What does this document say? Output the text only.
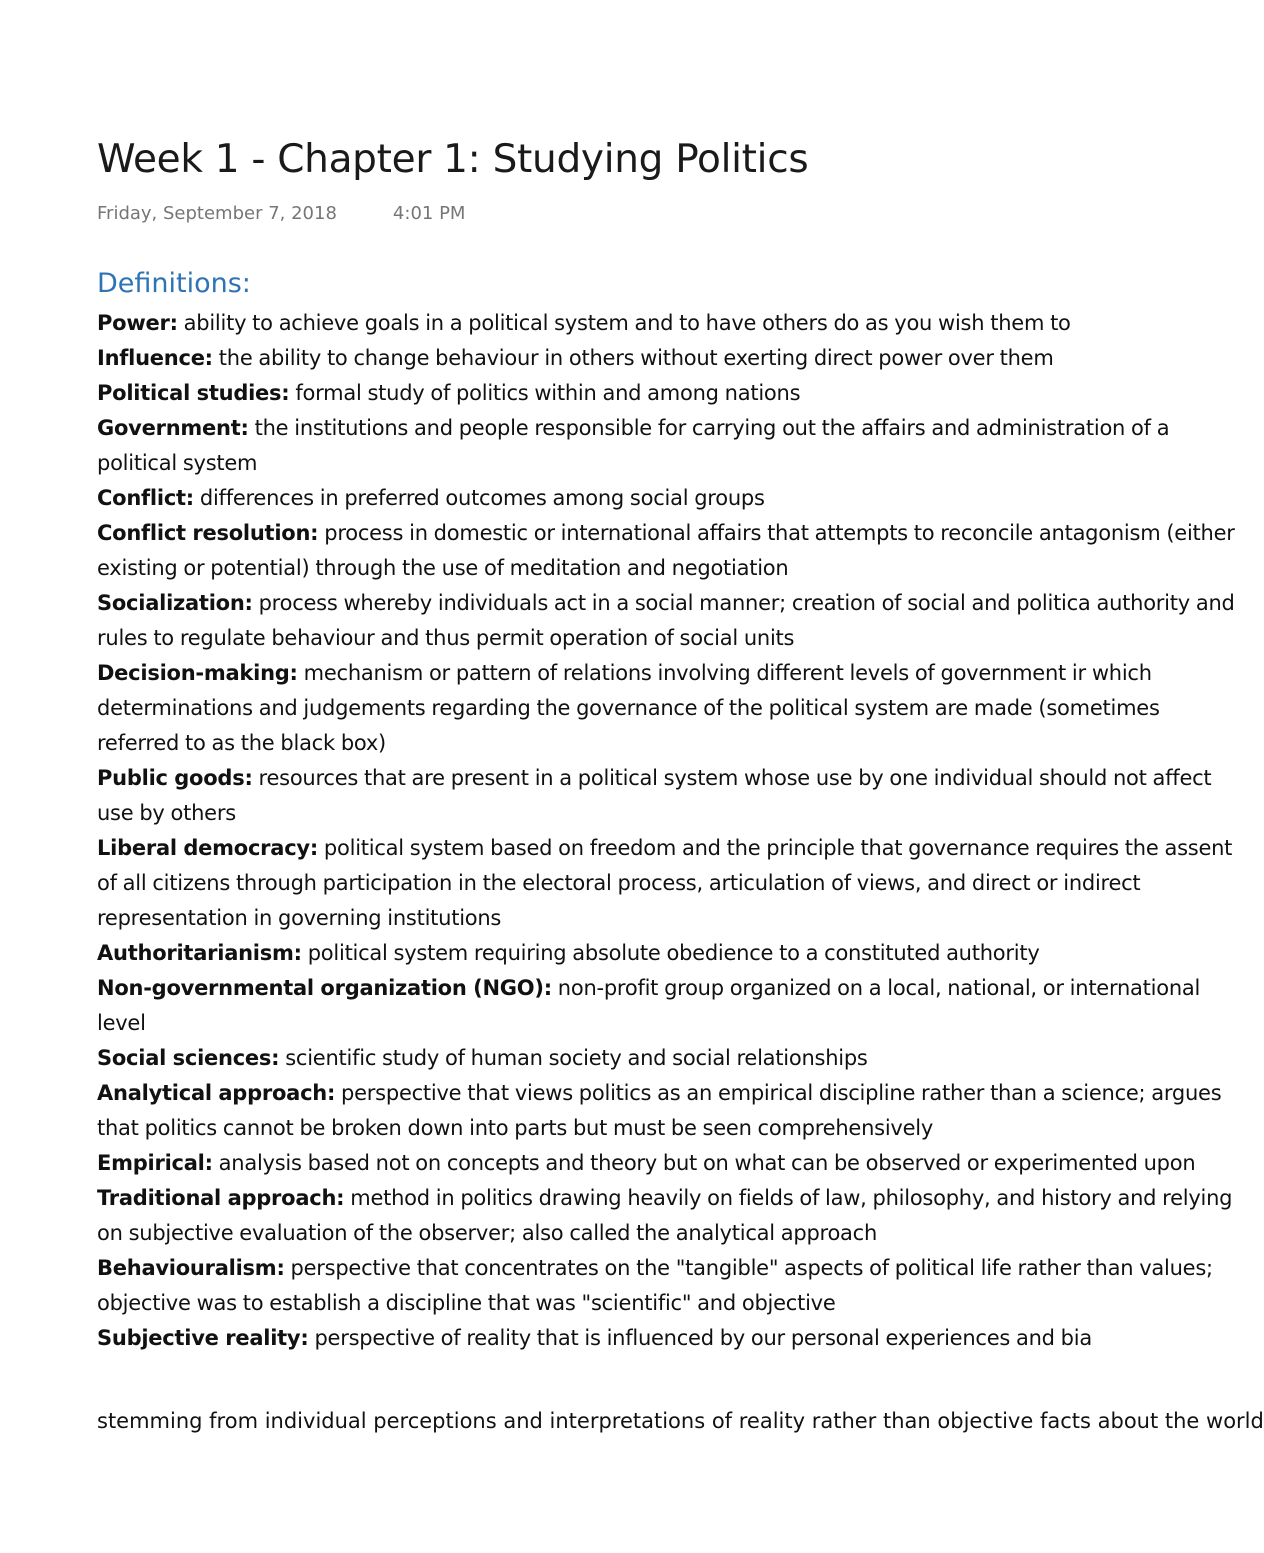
Week 1 - Chapter 1: Studying Politics
Friday, September 7, 2018	4:01 PM
Definitions:
Power: ability to achieve goals in a political system and to have others do as you wish them to
Influence: the ability to change behaviour in others without exerting direct power over them
Political studies: formal study of politics within and among nations
Government: the institutions and people responsible for carrying out the affairs and administration of a political system
Conflict: differences in preferred outcomes among social groups
Conflict resolution: process in domestic or international affairs that attempts to reconcile antagonism (either existing or potential) through the use of meditation and negotiation
Socialization: process whereby individuals act in a social manner; creation of social and politica authority and rules to regulate behaviour and thus permit operation of social units
Decision-making: mechanism or pattern of relations involving different levels of government ir which determinations and judgements regarding the governance of the political system are made (sometimes referred to as the black box)
Public goods: resources that are present in a political system whose use by one individual should not affect use by others
Liberal democracy: political system based on freedom and the principle that governance requires the assent of all citizens through participation in the electoral process, articulation of views, and direct or indirect representation in governing institutions
Authoritarianism: political system requiring absolute obedience to a constituted authority
Non-governmental organization (NGO): non-profit group organized on a local, national, or international level
Social sciences: scientific study of human society and social relationships
Analytical approach: perspective that views politics as an empirical discipline rather than a science; argues that politics cannot be broken down into parts but must be seen comprehensively
Empirical: analysis based not on concepts and theory but on what can be observed or experimented upon
Traditional approach: method in politics drawing heavily on fields of law, philosophy, and history and relying on subjective evaluation of the observer; also called the analytical approach
Behaviouralism: perspective that concentrates on the "tangible" aspects of political life rather than values; objective was to establish a discipline that was "scientific" and objective
Subjective reality: perspective of reality that is influenced by our personal experiences and bia
stemming from individual perceptions and interpretations of reality rather than objective facts about the world
